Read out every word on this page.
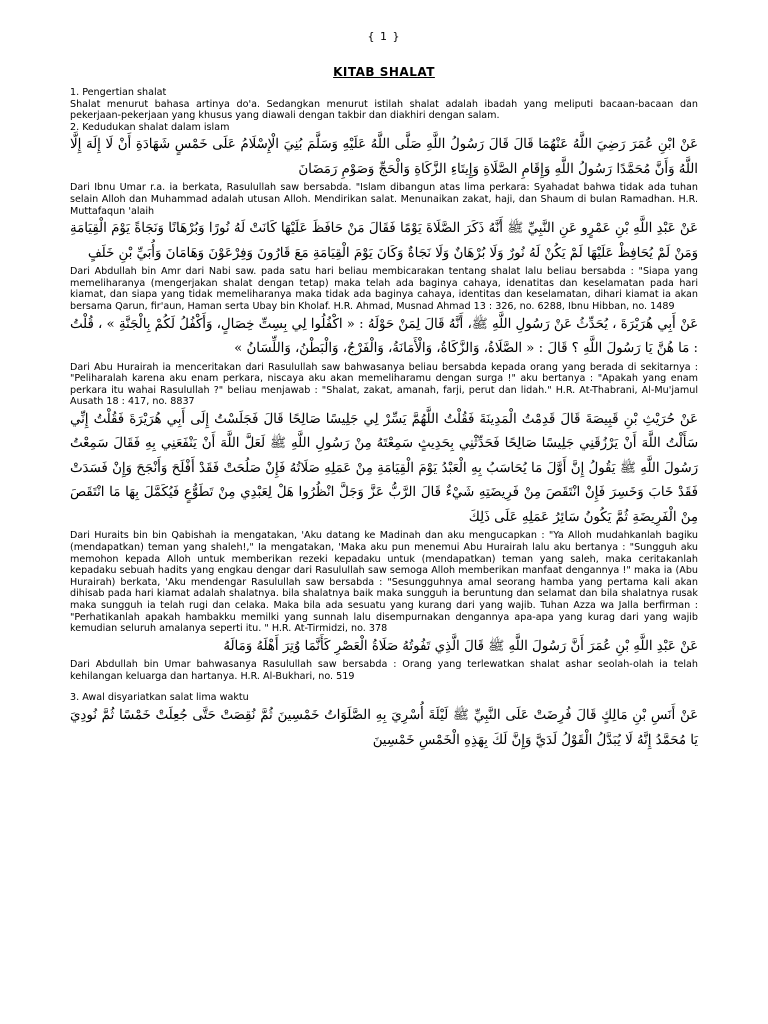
{ 1 }
KITAB SHALAT

1. Pengertian shalat

Shalat menurut bahasa artinya do'a. Sedangkan menurut istilah shalat adalah ibadah yang meliputi bacaan-bacaan dan pekerjaan-pekerjaan yang khusus yang diawali dengan takbir dan diakhiri dengan salam.

2. Kedudukan shalat dalam islam

عَنْ ابْنِ عُمَرَ رَضِيَ اللَّهُ عَنْهُمَا قَالَ قَالَ رَسُولُ اللَّهِ صَلَّى اللَّهُ عَلَيْهِ وَسَلَّمَ بُنِيَ الْإِسْلَامُ عَلَى خَمْسٍ شَهَادَةِ أَنْ لَا إِلَهَ إِلَّا اللَّهُ وَأَنَّ مُحَمَّدًا رَسُولُ اللَّهِ وَإِقَامِ الصَّلَاةِ وَإِيتَاءِ الزَّكَاةِ وَالْحَجِّ وَصَوْمِ رَمَضَانَ

Dari Ibnu Umar r.a. ia berkata, Rasulullah saw bersabda. "Islam dibangun atas lima perkara: Syahadat bahwa tidak ada tuhan selain Alloh dan Muhammad adalah utusan Alloh. Mendirikan salat. Menunaikan zakat, haji, dan Shaum di bulan Ramadhan. H.R. Muttafaqun 'alaih

عَنْ عَبْدِ اللَّهِ بْنِ عَمْرٍو عَنِ النَّبِيِّ ﷺ أَنَّهُ ذَكَرَ الصَّلَاةَ يَوْمًا فَقَالَ مَنْ حَافَظَ عَلَيْهَا كَانَتْ لَهُ نُورًا وَبُرْهَانًا وَنَجَاةً يَوْمَ الْقِيَامَةِ وَمَنْ لَمْ يُحَافِظْ عَلَيْهَا لَمْ يَكُنْ لَهُ نُورٌ وَلَا بُرْهَانٌ وَلَا نَجَاةٌ وَكَانَ يَوْمَ الْقِيَامَةِ مَعَ قَارُونَ وَفِرْعَوْنَ وَهَامَانَ وَأُبَيِّ بْنِ خَلَفٍ

Dari Abdullah bin Amr dari Nabi saw. pada satu hari beliau membicarakan tentang shalat lalu beliau bersabda : "Siapa yang memeliharanya (mengerjakan shalat dengan tetap) maka telah ada baginya cahaya, idenatitas dan keselamatan pada hari kiamat, dan siapa yang tidak memeliharanya maka tidak ada baginya cahaya, identitas dan keselamatan, dihari kiamat ia akan bersama Qarun, fir'aun, Haman serta Ubay bin Kholaf. H.R. Ahmad, Musnad Ahmad 13 : 326, no. 6288, Ibnu Hibban, no. 1489

عَنْ أَبِي هُرَيْرَةَ ، يُحَدِّثُ عَنْ رَسُولِ اللَّهِ ﷺ، أَنَّهُ قَالَ لِمَنْ حَوْلَهُ : « اكْفُلُوا لِي بِسِتِّ خِصَالٍ، وَأَكْفُلُ لَكُمْ بِالْجَنَّةِ » ، قُلْتُ : مَا هُنَّ يَا رَسُولَ اللَّهِ ؟ قَالَ : « الصَّلَاةُ، وَالزَّكَاةُ، وَالْأَمَانَةُ، وَالْفَرْجُ، وَالْبَطْنُ، وَاللِّسَانُ »

Dari Abu Hurairah ia menceritakan dari Rasulullah saw bahwasanya beliau bersabda kepada orang yang berada di sekitarnya : "Peliharalah karena aku enam perkara, niscaya aku akan memeliharamu dengan surga !" aku bertanya : "Apakah yang enam perkara itu wahai Rasulullah ?" beliau menjawab : "Shalat, zakat, amanah, farji, perut dan lidah." H.R. At-Thabrani, Al-Mu'jamul Ausath 18 : 417, no. 8837

عَنْ حُرَيْثِ بْنِ قَبِيصَةَ قَالَ قَدِمْتُ الْمَدِينَةَ فَقُلْتُ اللَّهُمَّ يَسِّرْ لِي جَلِيسًا صَالِحًا قَالَ فَجَلَسْتُ إِلَى أَبِي هُرَيْرَةَ فَقُلْتُ إِنِّي سَأَلْتُ اللَّهَ أَنْ يَرْزُقَنِي جَلِيسًا صَالِحًا فَحَدِّثْنِي بِحَدِيثٍ سَمِعْتَهُ مِنْ رَسُولِ اللَّهِ ﷺ لَعَلَّ اللَّهَ أَنْ يَنْفَعَنِي بِهِ فَقَالَ سَمِعْتُ رَسُولَ اللَّهِ ﷺ يَقُولُ إِنَّ أَوَّلَ مَا يُحَاسَبُ بِهِ الْعَبْدُ يَوْمَ الْقِيَامَةِ مِنْ عَمَلِهِ صَلَاتُهُ فَإِنْ صَلُحَتْ فَقَدْ أَفْلَحَ وَأَنْجَحَ وَإِنْ فَسَدَتْ فَقَدْ خَابَ وَخَسِرَ فَإِنْ انْتَقَصَ مِنْ فَرِيضَتِهِ شَيْءٌ قَالَ الرَّبُّ عَزَّ وَجَلَّ انْظُرُوا هَلْ لِعَبْدِي مِنْ تَطَوُّعٍ فَيُكَمَّلَ بِهَا مَا انْتَقَصَ مِنْ الْفَرِيضَةِ ثُمَّ يَكُونُ سَائِرُ عَمَلِهِ عَلَى ذَلِكَ

Dari Huraits bin bin Qabishah ia mengatakan, 'Aku datang ke Madinah dan aku mengucapkan : "Ya Alloh mudahkanlah bagiku (mendapatkan) teman yang shaleh!," Ia mengatakan, 'Maka aku pun menemui Abu Hurairah lalu aku bertanya : "Sungguh aku memohon kepada Alloh untuk memberikan rezeki kepadaku untuk (mendapatkan) teman yang saleh, maka ceritakanlah kepadaku sebuah hadits yang engkau dengar dari Rasulullah saw semoga Alloh memberikan manfaat dengannya !" maka ia (Abu Hurairah) berkata, 'Aku mendengar Rasulullah saw bersabda : "Sesungguhnya amal seorang hamba yang pertama kali akan dihisab pada hari kiamat adalah shalatnya. bila shalatnya baik maka sungguh ia beruntung dan selamat dan bila shalatnya rusak maka sungguh ia telah rugi dan celaka. Maka bila ada sesuatu yang kurang dari yang wajib. Tuhan Azza wa Jalla berfirman : "Perhatikanlah apakah hambakku memilki yang sunnah lalu disempurnakan dengannya apa-apa yang kurag dari yang wajib kemudian seluruh amalanya seperti itu. " H.R. At-Tirmidzi, no. 378

عَنْ عَبْدِ اللَّهِ بْنِ عُمَرَ أَنَّ رَسُولَ اللَّهِ ﷺ قَالَ الَّذِي تَفُوتُهُ صَلَاةُ الْعَصْرِ كَأَنَّمَا وُتِرَ أَهْلَهُ وَمَالَهُ

Dari Abdullah bin Umar bahwasanya Rasulullah saw bersabda : Orang yang terlewatkan shalat ashar seolah-olah ia telah kehilangan keluarga dan hartanya. H.R. Al-Bukhari, no. 519

3. Awal disyariatkan salat lima waktu

عَنْ أَنَسِ بْنِ مَالِكٍ قَالَ فُرِضَتْ عَلَى النَّبِيِّ ﷺ لَيْلَةَ أُسْرِيَ بِهِ الصَّلَوَاتُ خَمْسِينَ ثُمَّ نُقِصَتْ حَتَّى جُعِلَتْ خَمْسًا ثُمَّ نُودِيَ يَا مُحَمَّدُ إِنَّهُ لَا يُبَدَّلُ الْقَوْلُ لَدَيَّ وَإِنَّ لَكَ بِهَذِهِ الْخَمْسِ خَمْسِينَ
